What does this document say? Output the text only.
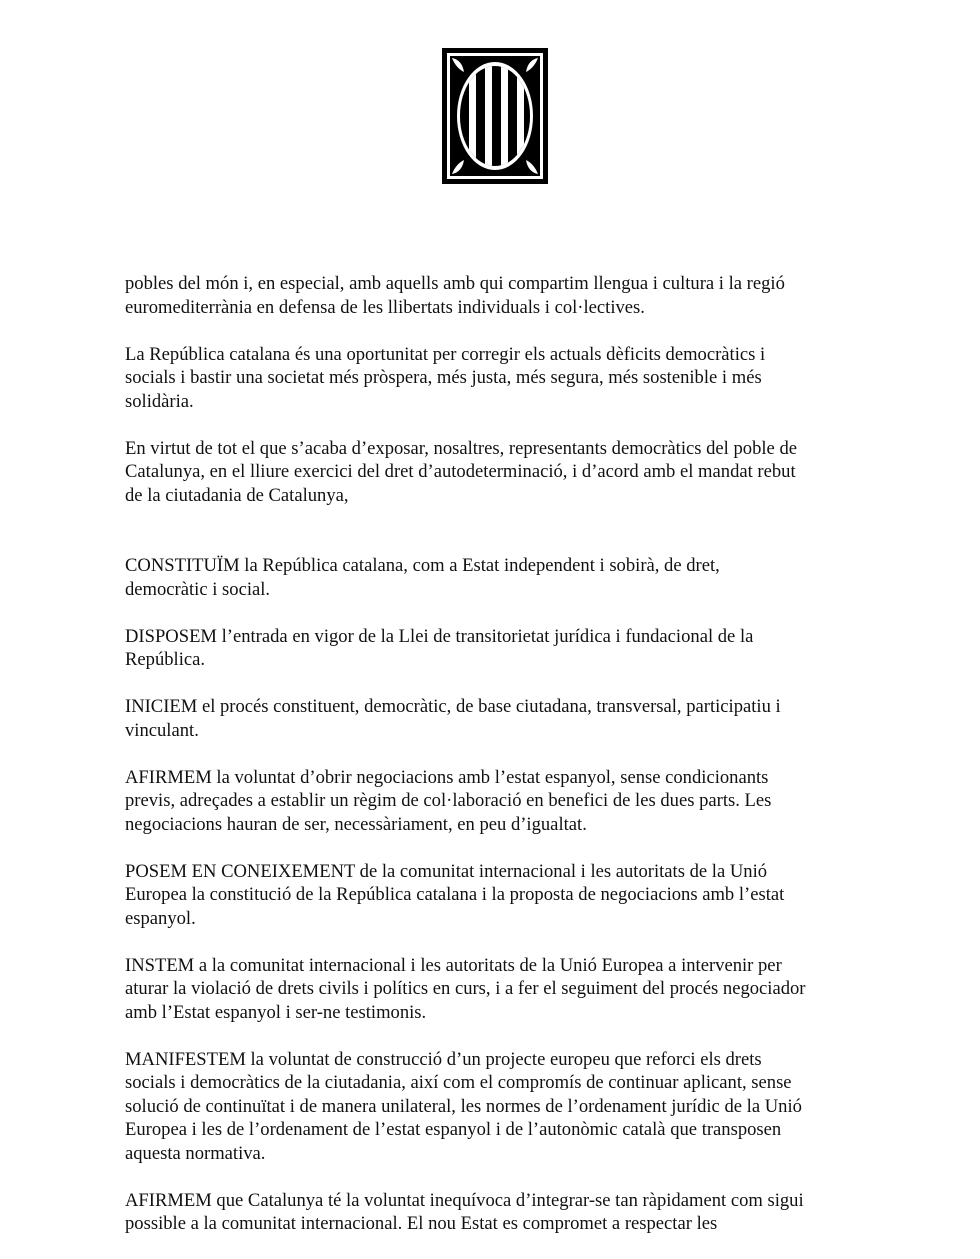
pobles del món i, en especial, amb aquells amb qui compartim llengua i cultura i la regió
euromediterrània en defensa de les llibertats individuals i col·lectives.

La República catalana és una oportunitat per corregir els actuals dèficits democràtics i
socials i bastir una societat més pròspera, més justa, més segura, més sostenible i més
solidària.

En virtut de tot el que s’acaba d’exposar, nosaltres, representants democràtics del poble de
Catalunya, en el lliure exercici del dret d’autodeterminació, i d’acord amb el mandat rebut
de la ciutadania de Catalunya,

CONSTITUÏM la República catalana, com a Estat independent i sobirà, de dret,
democràtic i social.

DISPOSEM l’entrada en vigor de la Llei de transitorietat jurídica i fundacional de la
República.

INICIEM el procés constituent, democràtic, de base ciutadana, transversal, participatiu i
vinculant.

AFIRMEM la voluntat d’obrir negociacions amb l’estat espanyol, sense condicionants
previs, adreçades a establir un règim de col·laboració en benefici de les dues parts. Les
negociacions hauran de ser, necessàriament, en peu d’igualtat.

POSEM EN CONEIXEMENT de la comunitat internacional i les autoritats de la Unió
Europea la constitució de la República catalana i la proposta de negociacions amb l’estat
espanyol.

INSTEM a la comunitat internacional i les autoritats de la Unió Europea a intervenir per
aturar la violació de drets civils i polítics en curs, i a fer el seguiment del procés negociador
amb l’Estat espanyol i ser-ne testimonis.

MANIFESTEM la voluntat de construcció d’un projecte europeu que reforci els drets
socials i democràtics de la ciutadania, així com el compromís de continuar aplicant, sense
solució de continuïtat i de manera unilateral, les normes de l’ordenament jurídic de la Unió
Europea i les de l’ordenament de l’estat espanyol i de l’autonòmic català que transposen
aquesta normativa.

AFIRMEM que Catalunya té la voluntat inequívoca d’integrar-se tan ràpidament com sigui
possible a la comunitat internacional. El nou Estat es compromet a respectar les
